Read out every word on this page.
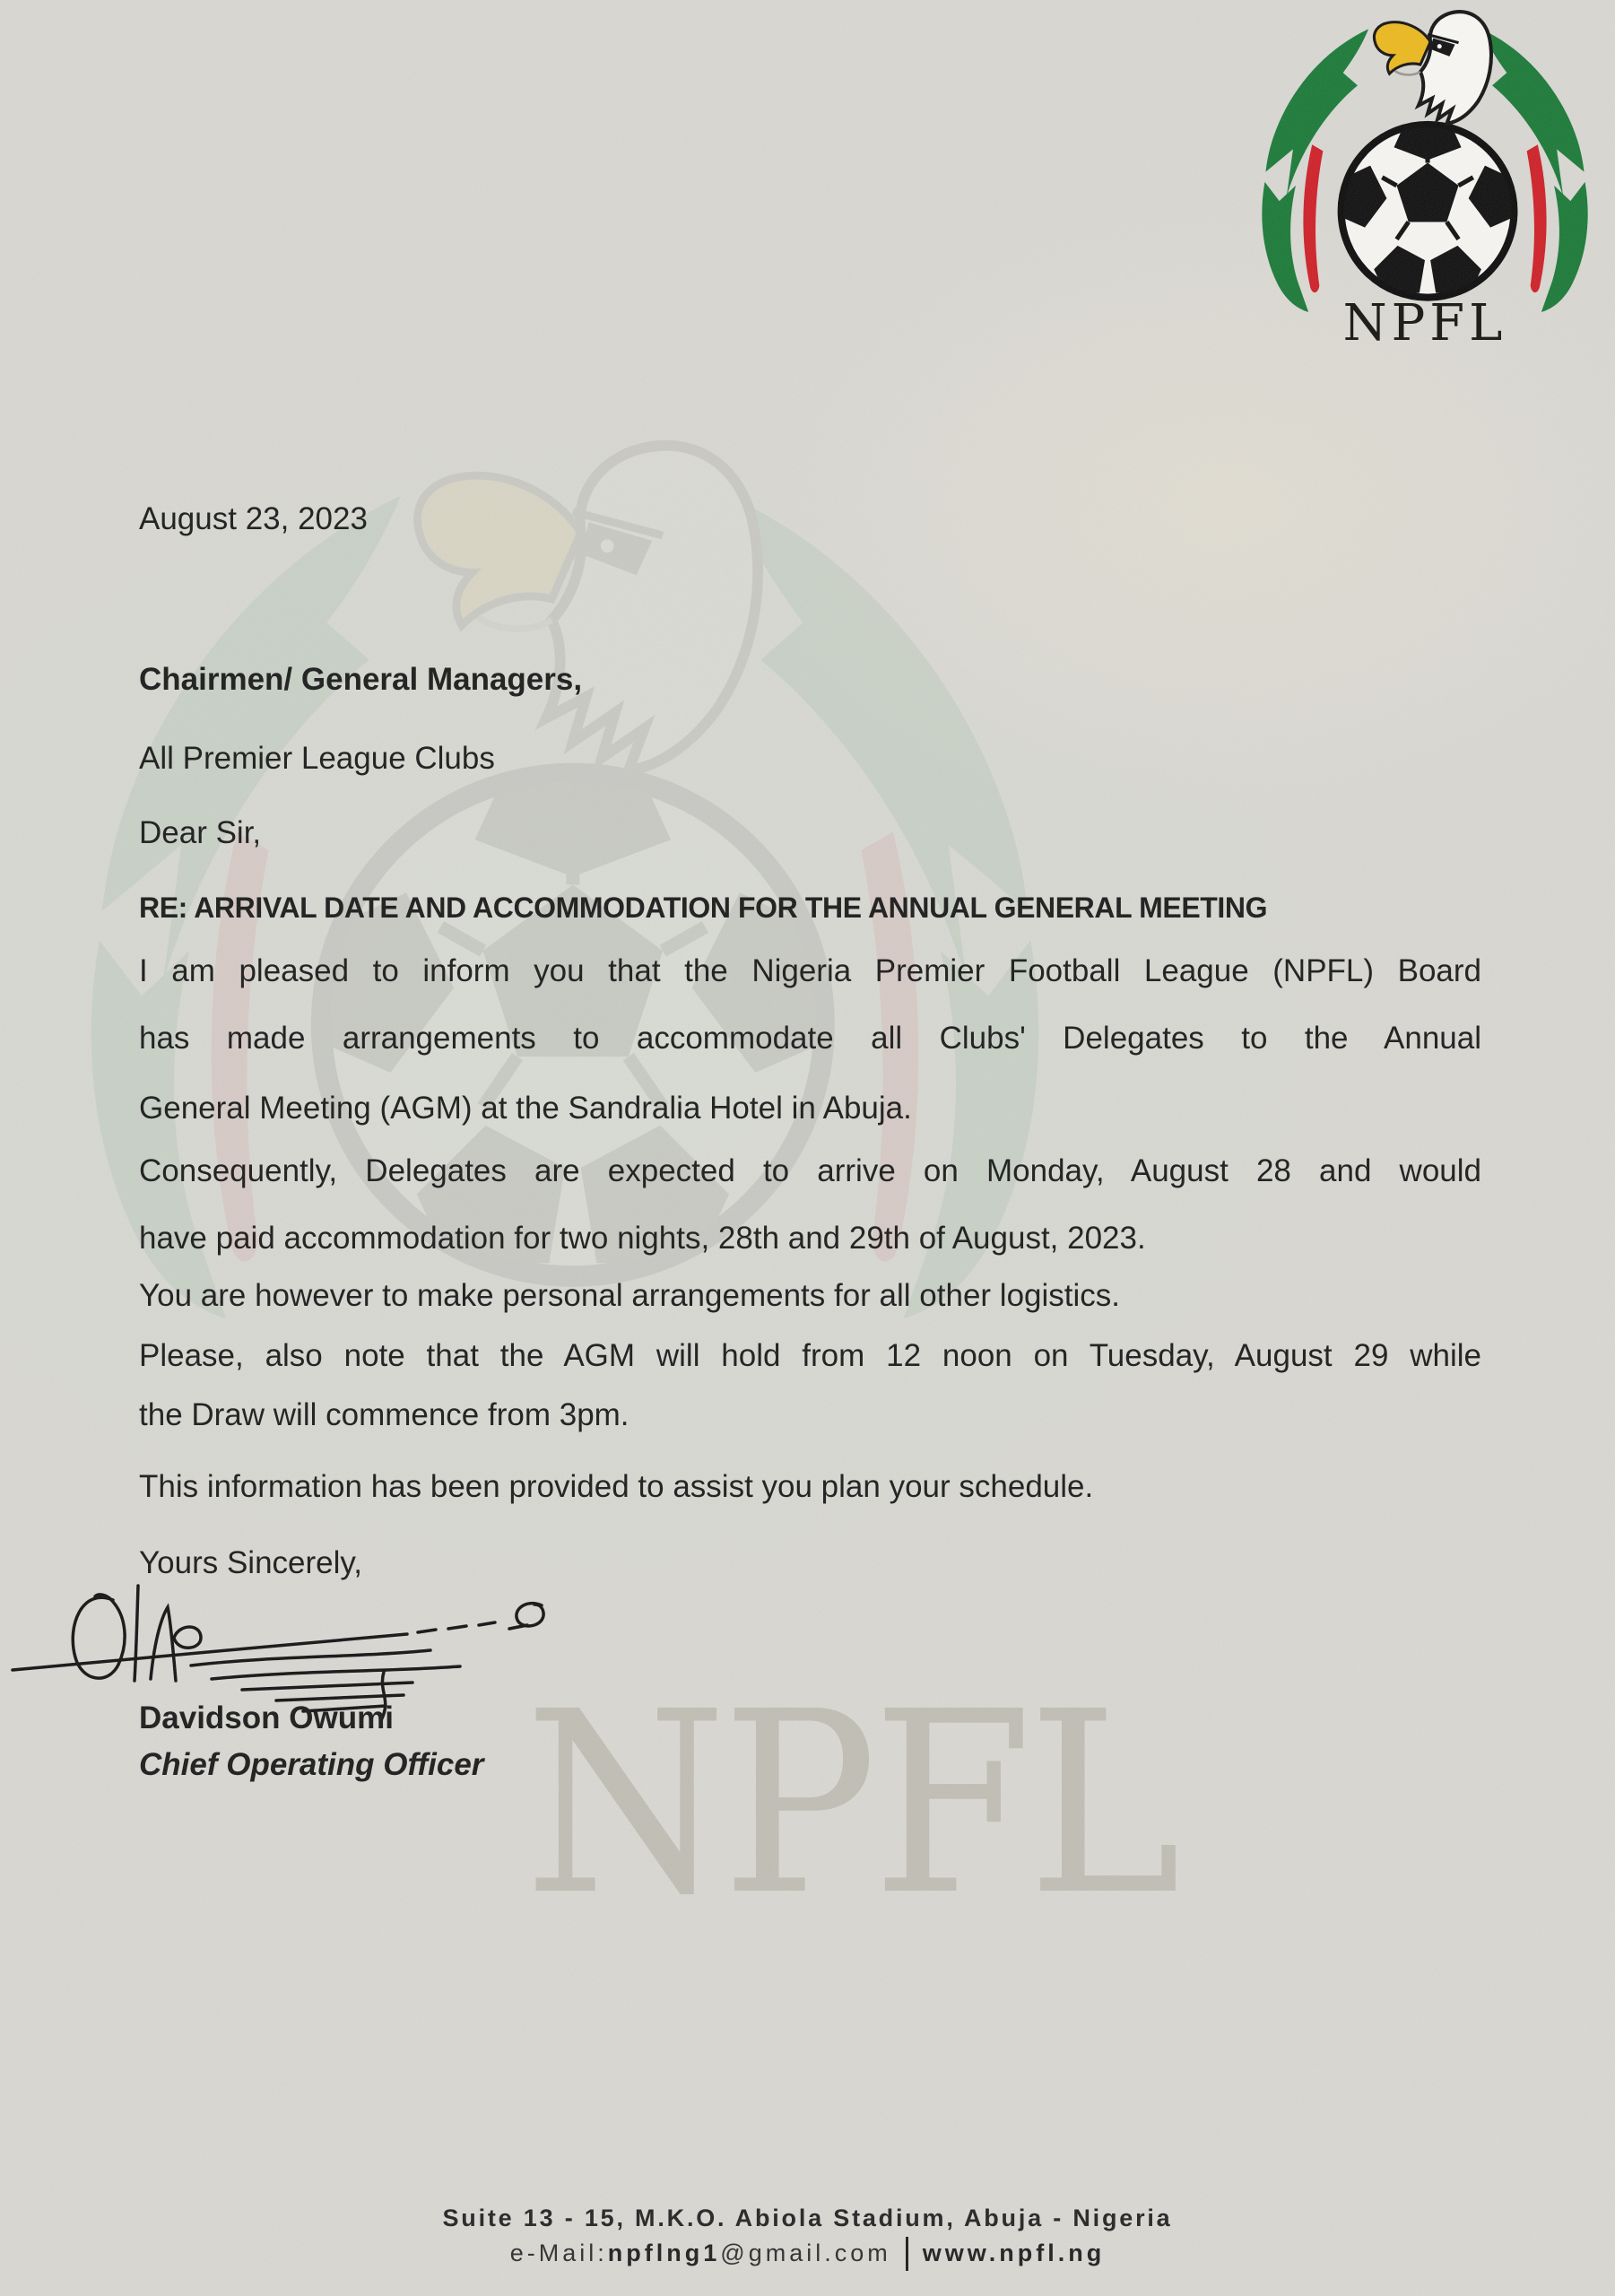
NPFL
NPFL
August 23, 2023
Chairmen/ General Managers,
All Premier League Clubs
Dear Sir,
RE: ARRIVAL DATE AND ACCOMMODATION FOR THE ANNUAL GENERAL MEETING
I am pleased to inform you that the Nigeria Premier Football League (NPFL) Board
has made arrangements to accommodate all Clubs' Delegates to the Annual
General Meeting (AGM) at the Sandralia Hotel in Abuja.
Consequently, Delegates are expected to arrive on Monday, August 28 and would
have paid accommodation for two nights, 28th and 29th of August, 2023.
You are however to make personal arrangements for all other logistics.
Please, also note that the AGM will hold from 12 noon on Tuesday, August 29 while
the Draw will commence from 3pm.
This information has been provided to assist you plan your schedule.
Yours Sincerely,
Davidson Owumi
Chief Operating Officer
Suite 13 - 15, M.K.O. Abiola Stadium, Abuja - Nigeria
e-Mail:npflng1@gmail.com www.npfl.ng
